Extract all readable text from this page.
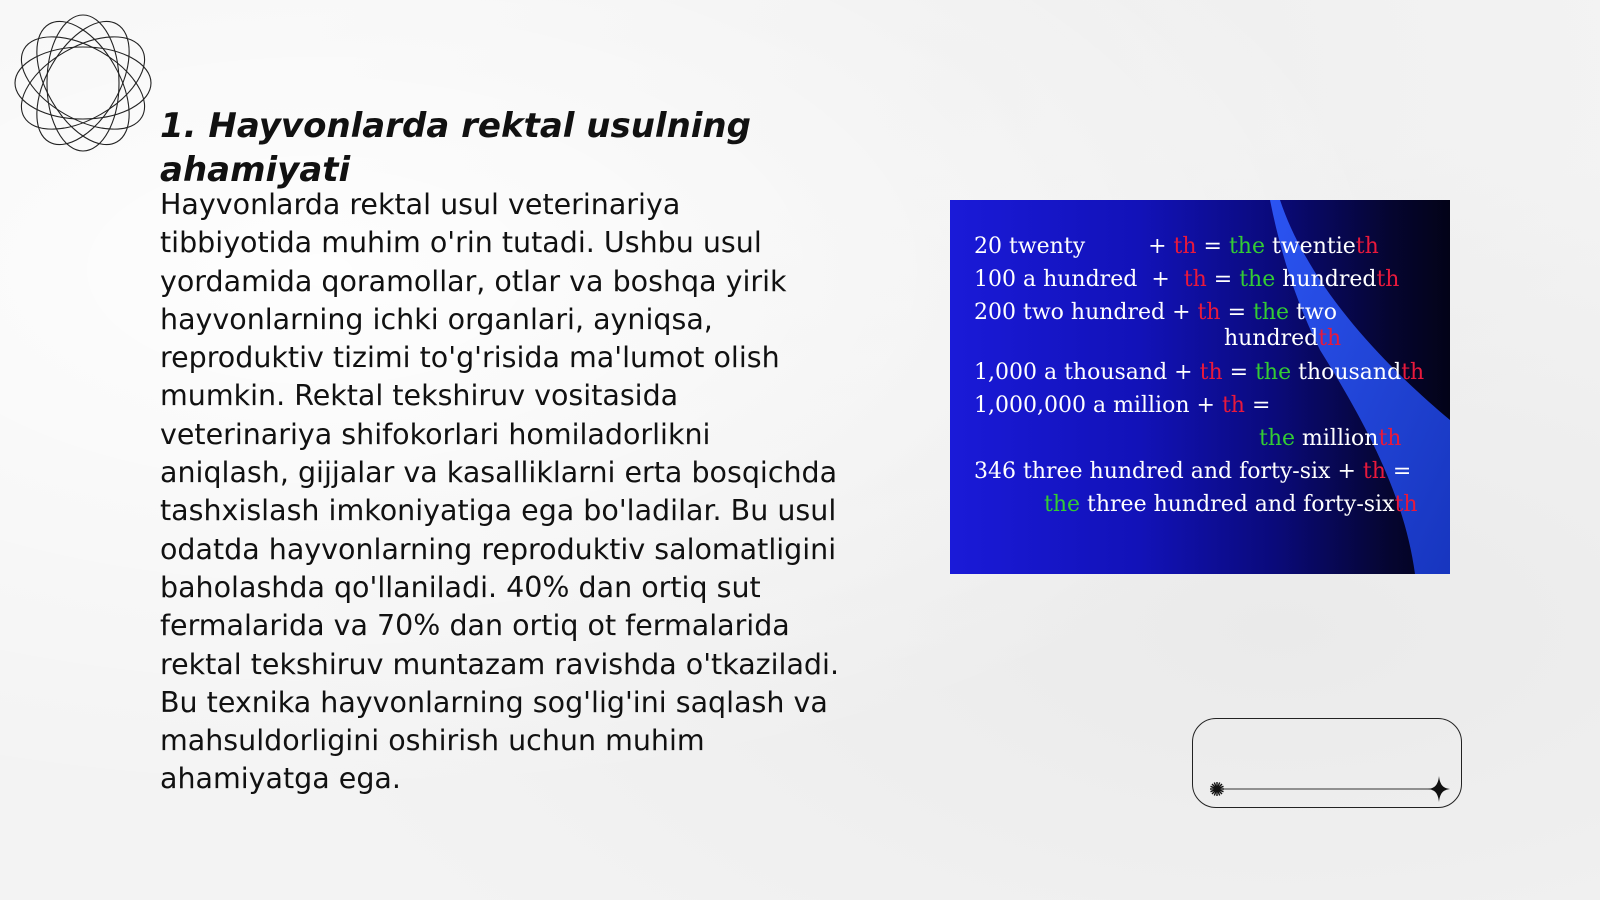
1. Hayvonlarda rektal usulning ahamiyati

Hayvonlarda rektal usul veterinariya tibbiyotida muhim o'rin tutadi. Ushbu usul yordamida qoramollar, otlar va boshqa yirik hayvonlarning ichki organlari, ayniqsa, reproduktiv tizimi to'g'risida ma'lumot olish mumkin. Rektal tekshiruv vositasida veterinariya shifokorlari homiladorlikni aniqlash, gijjalar va kasalliklarni erta bosqichda tashxislash imkoniyatiga ega bo'ladilar. Bu usul odatda hayvonlarning reproduktiv salomatligini baholashda qo'llaniladi. 40% dan ortiq sut fermalarida va 70% dan ortiq ot fermalarida rektal tekshiruv muntazam ravishda o'tkaziladi. Bu texnika hayvonlarning sog'lig'ini saqlash va mahsuldorligini oshirish uchun muhim ahamiyatga ega.

20 twenty	+ th = the twentieth
100 a hundred + th = the hundredth
200 two hundred + th = the two
hundredth
1,000 a thousand + th = the thousandth
1,000,000 a million + th =
the millionth
346 three hundred and forty-six + th =
the three hundred and forty-sixth
